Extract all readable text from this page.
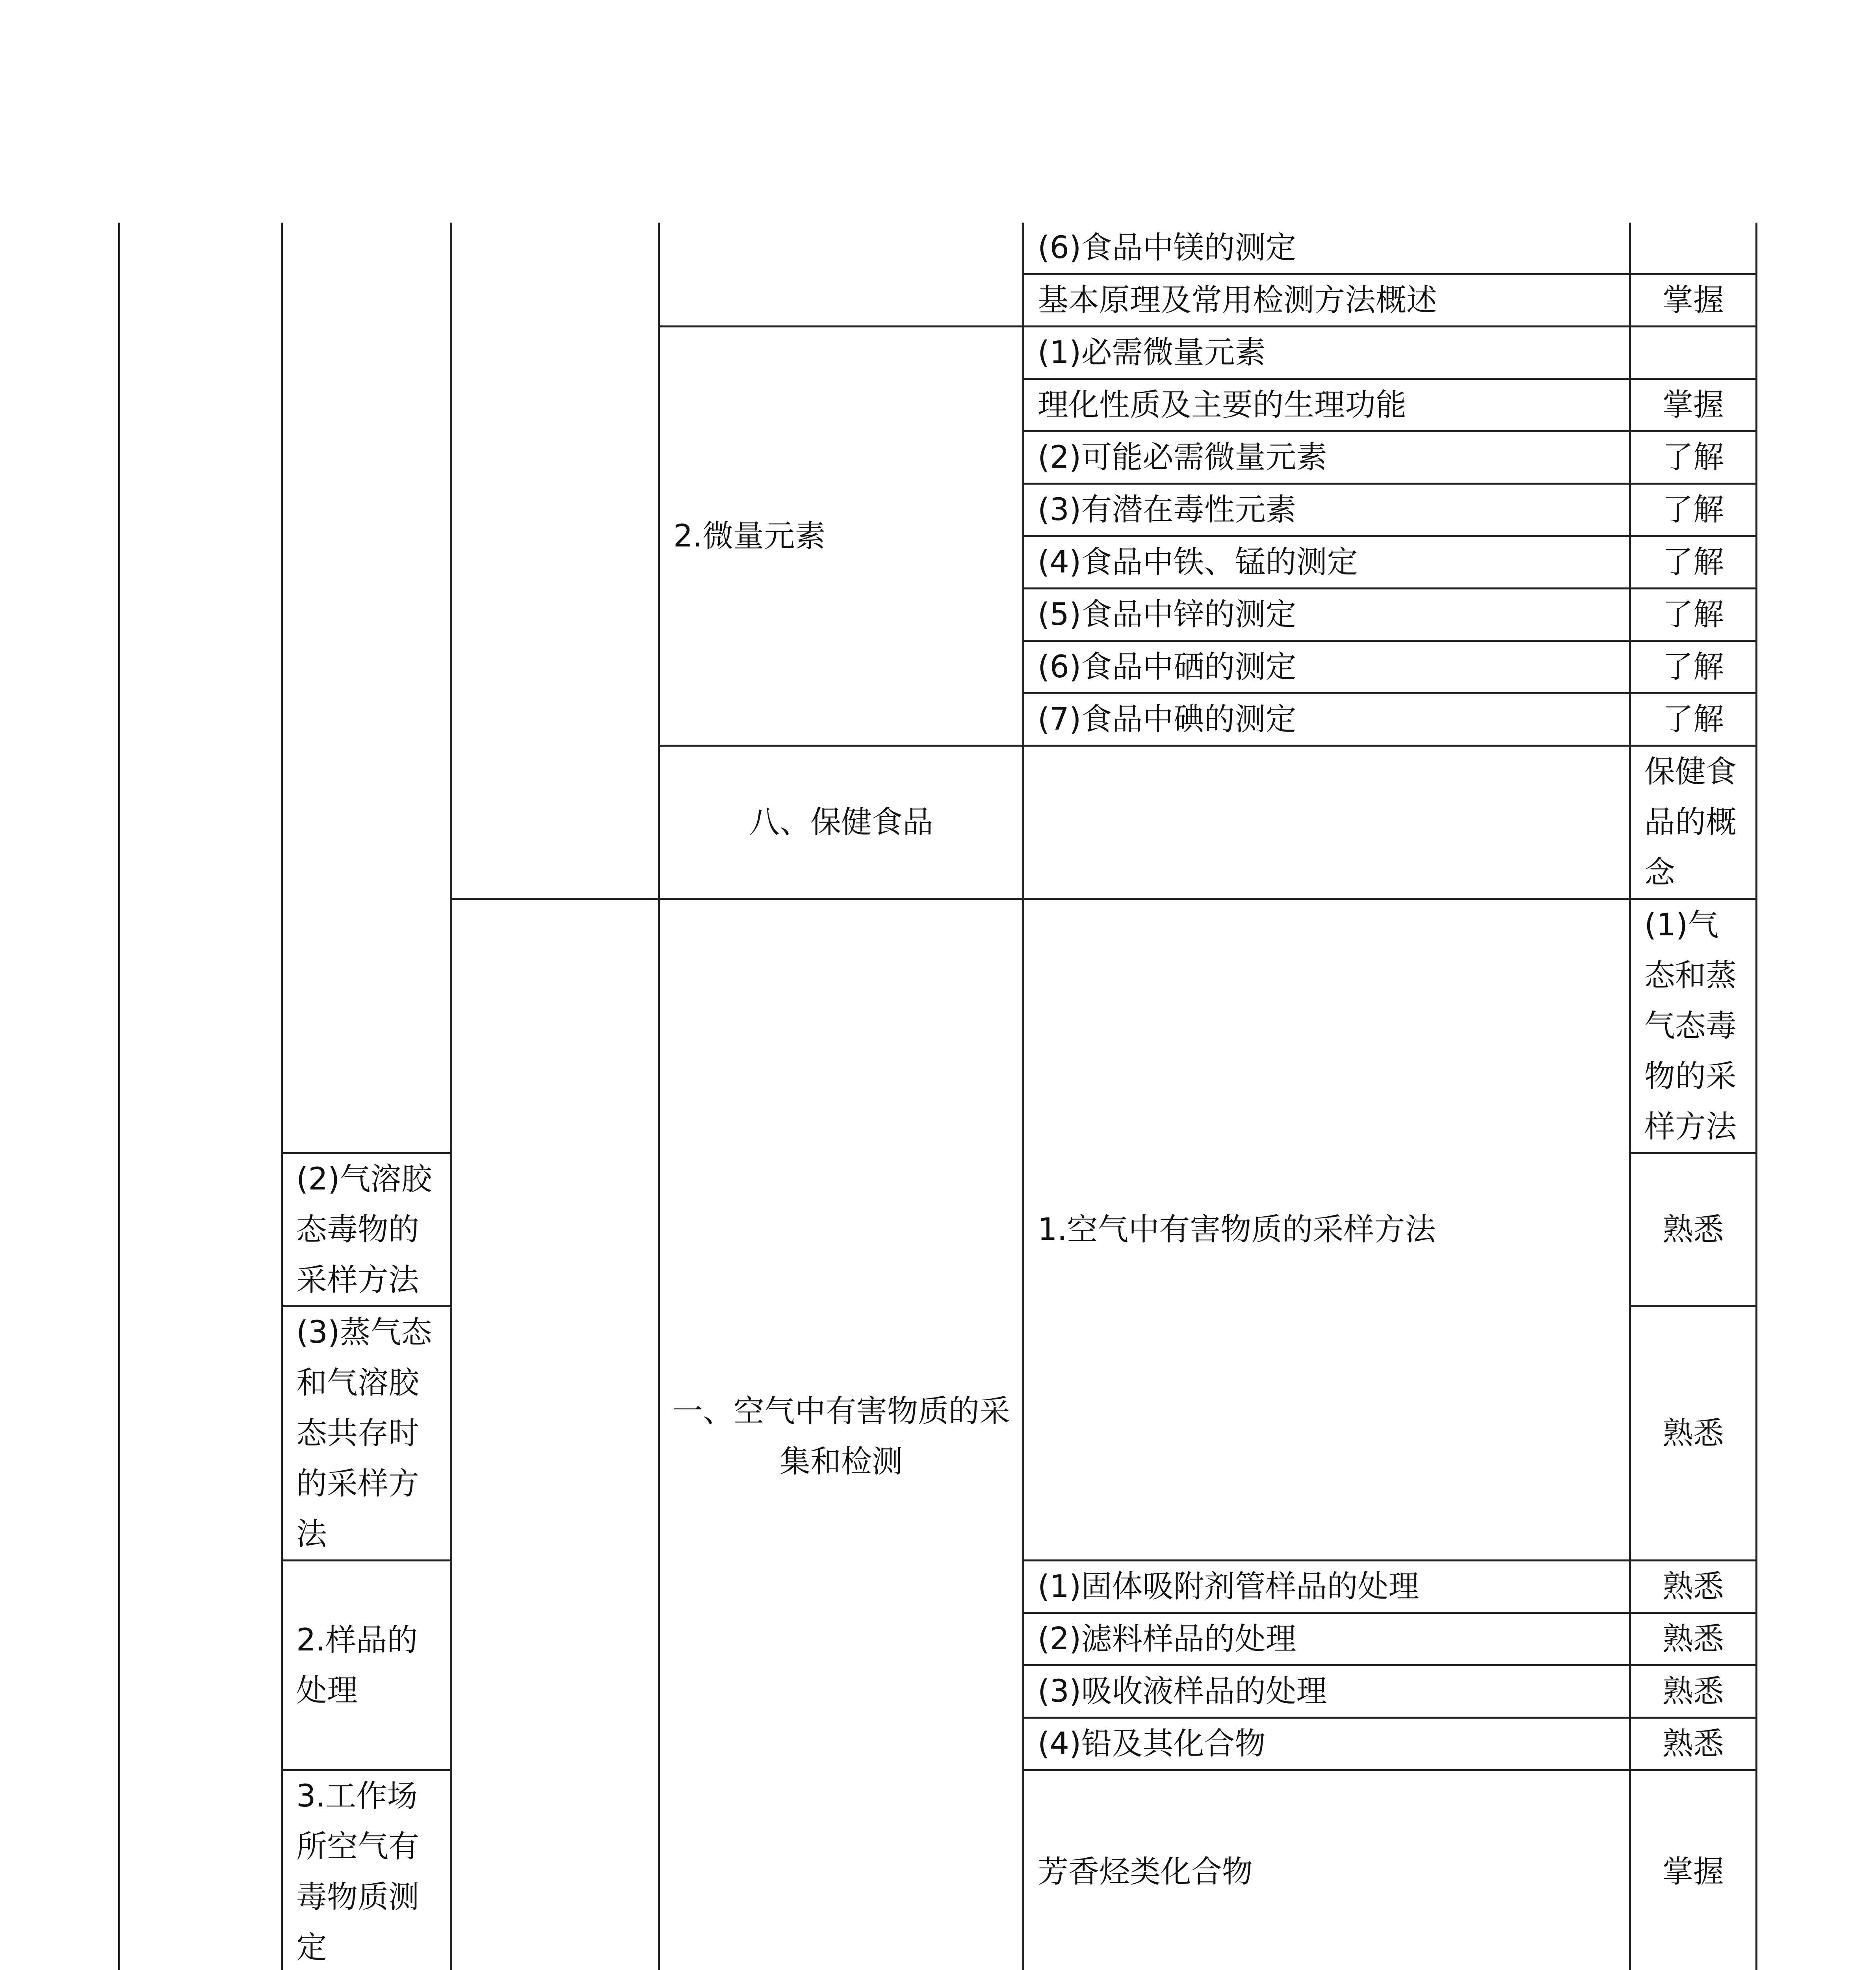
				(6)食品中镁的测定		
				基本原理及常用检测方法概述	掌握	
			2.微量元素	(1)必需微量元素		
				理化性质及主要的生理功能	掌握	
				(2)可能必需微量元素	了解	
				(3)有潜在毒性元素	了解	
				(4)食品中铁、锰的测定	了解	
				(5)食品中锌的测定	了解	
				(6)食品中硒的测定	了解	
				(7)食品中碘的测定	了解	
			八、保健食品		保健食品的概念	
	一、空气中有害物质的采集和检测	1.空气中有害物质的采样方法	(1)气态和蒸气态毒物的采样方法	
	(2)气溶胶态毒物的采样方法				熟悉	
	(3)蒸气态和气溶胶态共存时的采样方法				熟悉	

	2.样品的处理			(1)固体吸附剂管样品的处理	熟悉	
				(2)滤料样品的处理	熟悉	
				(3)吸收液样品的处理	熟悉	
				(4)铅及其化合物	熟悉	
	3.工作场所空气有毒物质测定			芳香烃类化合物	掌握	
